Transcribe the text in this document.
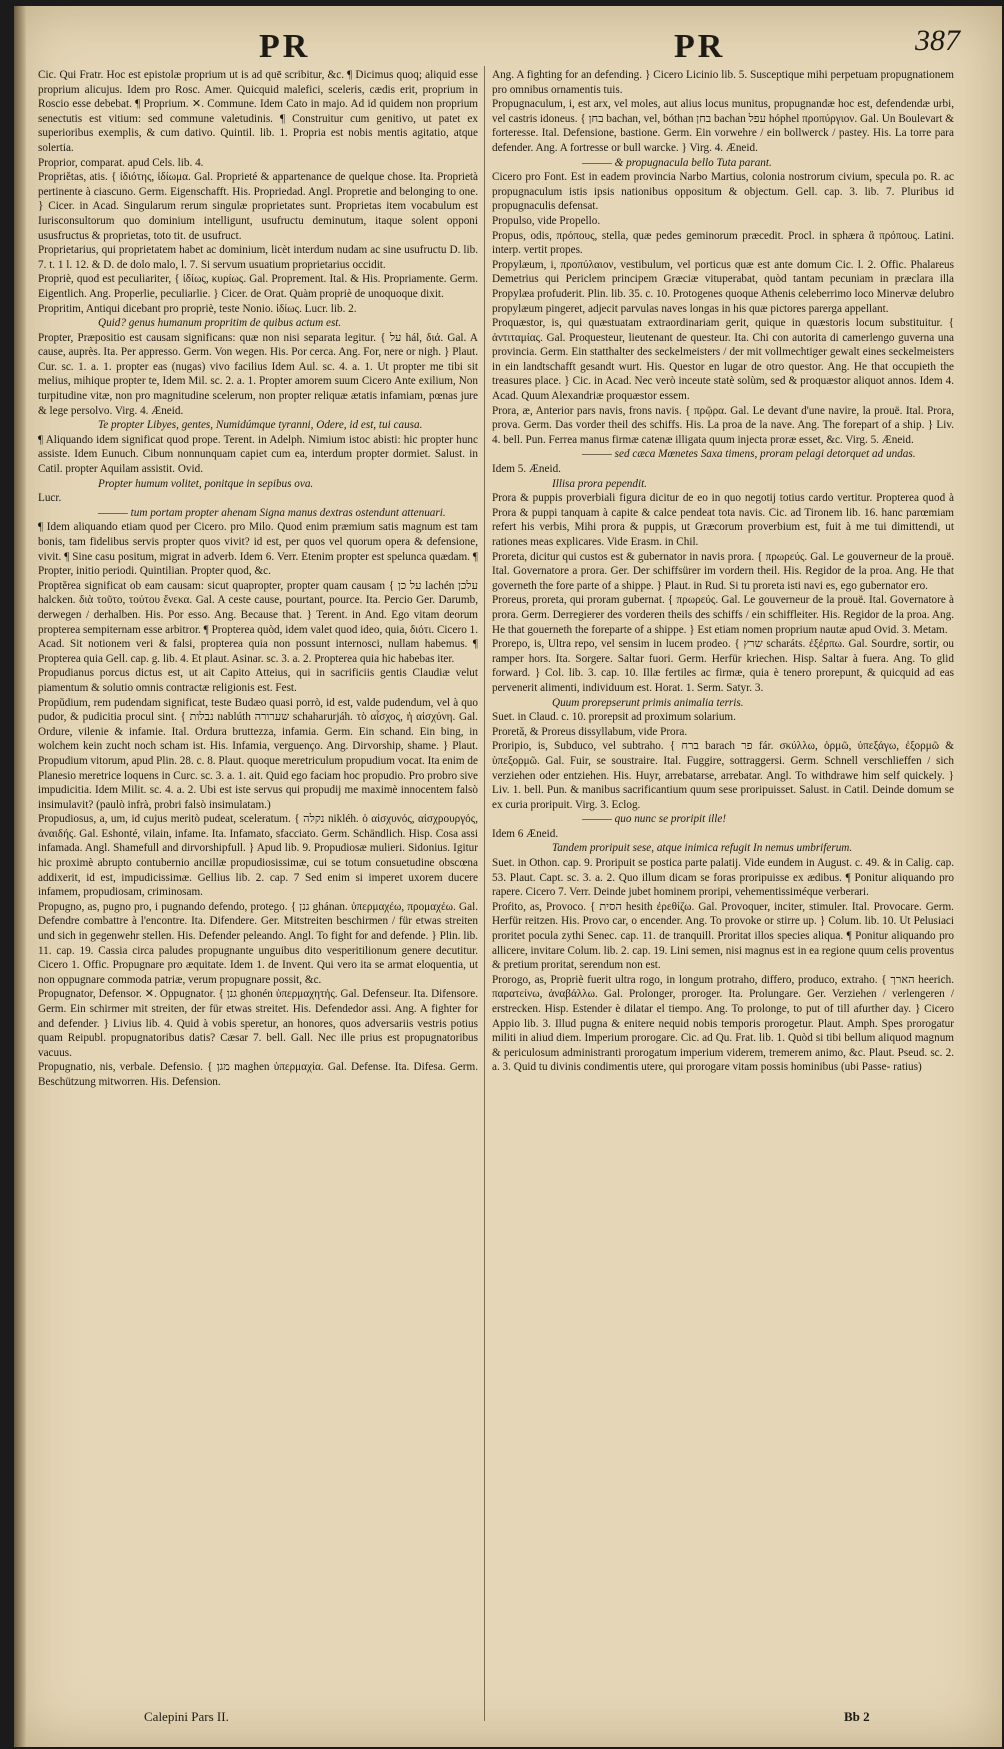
PR	PR	387

Cic. Qui Fratr. Hoc est epistolæ proprium ut is ad quē scribitur, &c. ¶ Dicimus quoq; aliquid esse proprium alicujus. Idem pro Rosc. Amer. Quicquid malefici, sceleris, cædis erit, proprium in Roscio esse debebat. ¶ Proprium. ✕. Commune. Idem Cato in majo. Ad id quidem non proprium senectutis est vitium: sed commune valetudinis. ¶ Construitur cum genitivo, ut patet ex superioribus exemplis, & cum dativo. Quintil. lib. 1. Propria est nobis mentis agitatio, atque solertia.

Proprior, comparat. apud Cels. lib. 4.

Propriĕtas, atis. { ἰδιότης, ἰδίωμα. Gal. Proprieté & appartenance de quelque chose. Ita. Proprietà pertinente à ciascuno. Germ. Eigenschafft. His. Propriedad. Angl. Propretie and belonging to one. } Cicer. in Acad. Singularum rerum singulæ proprietates sunt. Proprietas item vocabulum est Iurisconsultorum quo dominium intelligunt, usufructu deminutum, itaque solent opponi ususfructus & proprietas, toto tit. de usufruct.

Proprietarius, qui proprietatem habet ac dominium, licèt interdum nudam ac sine usufructu D. lib. 7. t. 1 l. 12. & D. de dolo malo, l. 7. Si servum usuatium proprietarius occidit.

Propriè, quod est peculiariter, { ἰδίως, κυρίως. Gal. Proprement. Ital. & His. Propriamente. Germ. Eigentlich. Ang. Properlie, peculiarlie. } Cicer. de Orat. Quàm propriè de unoquoque dixit.

Propritim, Antiqui dicebant pro propriè, teste Nonio. ἰδίως. Lucr. lib. 2.

Quid? genus humanum propritim de quibus actum est.

Propter, Præpositio est causam significans: quæ non nisi separata legitur. { על hál, διά. Gal. A cause, auprès. Ita. Per appresso. Germ. Von wegen. His. Por cerca. Ang. For, nere or nigh. } Plaut. Cur. sc. 1. a. 1. propter eas (nugas) vivo facilius Idem Aul. sc. 4. a. 1. Ut propter me tibi sit melius, mihique propter te, Idem Mil. sc. 2. a. 1. Propter amorem suum Cicero Ante exilium, Non turpitudine vitæ, non pro magnitudine scelerum, non propter reliquæ ætatis infamiam, pœnas jure & lege persolvo. Virg. 4. Æneid.

Te propter Libyes, gentes, Numidúmque tyranni, Odere, id est, tui causa.

¶ Aliquando idem significat quod prope. Terent. in Adelph. Nimium istoc abisti: hic propter hunc assiste. Idem Eunuch. Cibum nonnunquam capiet cum ea, interdum propter dormiet. Salust. in Catil. propter Aquilam assistit. Ovid.

Propter humum volitet, ponitque in sepibus ova.

Lucr.

——— tum portam propter ahenam Signa manus dextras ostendunt attenuari.

¶ Idem aliquando etiam quod per Cicero. pro Milo. Quod enim præmium satis magnum est tam bonis, tam fidelibus servis propter quos vivit? id est, per quos vel quorum opera & defensione, vivit. ¶ Sine casu positum, migrat in adverb. Idem 6. Verr. Etenim propter est spelunca quædam. ¶ Propter, initio periodi. Quintilian. Propter quod, &c.

Proptĕrea significat ob eam causam: sicut quapropter, propter quam causam { על כן lachén עלכן halcken. διὰ τοῦτο, τούτου ἕνεκα. Gal. A ceste cause, pourtant, pource. Ita. Percio Ger. Darumb, derwegen / derhalben. His. Por esso. Ang. Because that. } Terent. in And. Ego vitam deorum propterea sempiternam esse arbitror. ¶ Propterea quòd, idem valet quod ideo, quia, διότι. Cicero 1. Acad. Sit notionem veri & falsi, propterea quia non possunt internosci, nullam habemus. ¶ Propterea quia Gell. cap. g. lib. 4. Et plaut. Asinar. sc. 3. a. 2. Propterea quia hic habebas iter.

Propudianus porcus dictus est, ut ait Capito Atteius, qui in sacrificiis gentis Claudiæ velut piamentum & solutio omnis contractæ religionis est. Fest.

Propŭdium, rem pudendam significat, teste Budæo quasi porrò, id est, valde pudendum, vel à quo pudor, & pudicitia procul sint. { נבלות nablúth שערורה schaharurjáh. τὸ αἶσχος, ἡ αἰσχύνη. Gal. Ordure, vilenie & infamie. Ital. Ordura bruttezza, infamia. Germ. Ein schand. Ein bing, in wolchem kein zucht noch scham ist. His. Infamia, verguenço. Ang. Dirvorship, shame. } Plaut. Propudium vitorum, apud Plin. 28. c. 8. Plaut. quoque meretriculum propudium vocat. Ita enim de Planesio meretrice loquens in Curc. sc. 3. a. 1. ait. Quid ego faciam hoc propudio. Pro probro sive impudicitia. Idem Milit. sc. 4. a. 2. Ubi est iste servus qui propudij me maximè innocentem falsò insimulavit? (paulò infrà, probri falsò insimulatam.)

Propudiosus, a, um, id cujus meritò pudeat, sceleratum. { נקלה nikléh. ὁ αἰσχυνός, αἰσχρουργός, ἀναιδής. Gal. Eshonté, vilain, infame. Ita. Infamato, sfacciato. Germ. Schändlich. Hisp. Cosa assi infamada. Angl. Shamefull and dirvorshipfull. } Apud lib. 9. Propudiosæ mulieri. Sidonius. Igitur hic proximè abrupto contubernio ancillæ propudiosissimæ, cui se totum consuetudine obscœna addixerit, id est, impudicissimæ. Gellius lib. 2. cap. 7 Sed enim si imperet uxorem ducere infamem, propudiosam, criminosam.

Propugno, as, pugno pro, i pugnando defendo, protego. { גנן ghánan. ὑπερμαχέω, προμαχέω. Gal. Defendre combattre à l'encontre. Ita. Difendere. Ger. Mitstreiten beschirmen / für etwas streiten und sich in gegenwehr stellen. His. Defender peleando. Angl. To fight for and defende. } Plin. lib. 11. cap. 19. Cassia circa paludes propugnante unguibus dito vesperitilionum genere decutitur. Cicero 1. Offic. Propugnare pro æquitate. Idem 1. de Invent. Qui vero ita se armat eloquentia, ut non oppugnare commoda patriæ, verum propugnare possit, &c.

Propugnator, Defensor. ✕. Oppugnator. { גנן ghonén ὑπερμαχητής. Gal. Defenseur. Ita. Difensore. Germ. Ein schirmer mit streiten, der für etwas streitet. His. Defendedor assi. Ang. A fighter for and defender. } Livius lib. 4. Quid à vobis speretur, an honores, quos adversariis vestris potius quam Reipubl. propugnatoribus datis? Cæsar 7. bell. Gall. Nec ille prius est propugnatoribus vacuus.

Propugnatio, nis, verbale. Defensio. { מגן maghen ὑπερμαχία. Gal. Defense. Ita. Difesa. Germ. Beschützung mitworren. His. Defension.

Ang. A fighting for an defending. } Cicero Licinio lib. 5. Susceptique mihi perpetuam propugnationem pro omnibus ornamentis tuis.

Propugnaculum, i, est arx, vel moles, aut alius locus munitus, propugnandæ hoc est, defendendæ urbi, vel castris idoneus. { בחן bachan, vel, bóthan בחן bachan עפל hóphel προπύργιον. Gal. Un Boulevart & forteresse. Ital. Defensione, bastione. Germ. Ein vorwehre / ein bollwerck / pastey. His. La torre para defender. Ang. A fortresse or bull warcke. } Virg. 4. Æneid.

——— & propugnacula bello Tuta parant.

Cicero pro Font. Est in eadem provincia Narbo Martius, colonia nostrorum civium, specula po. R. ac propugnaculum istis ipsis nationibus oppositum & objectum. Gell. cap. 3. lib. 7. Pluribus id propugnaculis defensat.

Propulso, vide Propello.

Propus, odis, πρόπους, stella, quæ pedes geminorum præcedit. Procl. in sphæra ἃ πρόπους. Latini. interp. vertit propes.

Propylæum, i, προπύλαιον, vestibulum, vel porticus quæ est ante domum Cic. l. 2. Offic. Phalareus Demetrius qui Periclem principem Græciæ vituperabat, quòd tantam pecuniam in præclara illa Propylæa profuderit. Plin. lib. 35. c. 10. Protogenes quoque Athenis celeberrimo loco Minervæ delubro propylæum pingeret, adjecit parvulas naves longas in his quæ pictores parerga appellant.

Proquæstor, is, qui quæstuatam extraordinariam gerit, quique in quæstoris locum substituitur. { ἀντιταμίας. Gal. Proquesteur, lieutenant de questeur. Ita. Chi con autorita di camerlengo guverna una provincia. Germ. Ein statthalter des seckelmeisters / der mit vollmechtiger gewalt eines seckelmeisters in ein landtschafft gesandt wurt. His. Questor en lugar de otro questor. Ang. He that occupieth the treasures place. } Cic. in Acad. Nec verò inceute statè solùm, sed & proquæstor aliquot annos. Idem 4. Acad. Quum Alexandriæ proquæstor essem.

Prora, æ, Anterior pars navis, frons navis. { πρῷρα. Gal. Le devant d'une navire, la prouë. Ital. Prora, prova. Germ. Das vorder theil des schiffs. His. La proa de la nave. Ang. The forepart of a ship. } Liv. 4. bell. Pun. Ferrea manus firmæ catenæ illigata quum injecta proræ esset, &c. Virg. 5. Æneid.

——— sed cæca Mœnetes Saxa timens, proram pelagi detorquet ad undas.

Idem 5. Æneid.

Illisa prora pependit.

Prora & puppis proverbiali figura dicitur de eo in quo negotij totius cardo vertitur. Propterea quod à Prora & puppi tanquam à capite & calce pendeat tota navis. Cic. ad Tironem lib. 16. hanc parœmiam refert his verbis, Mihi prora & puppis, ut Græcorum proverbium est, fuit à me tui dimittendi, ut rationes meas explicares. Vide Erasm. in Chil.

Proreta, dicitur qui custos est & gubernator in navis prora. { πρωρεύς. Gal. Le gouverneur de la prouë. Ital. Governatore a prora. Ger. Der schiffsürer im vordern theil. His. Regidor de la proa. Ang. He that governeth the fore parte of a shippe. } Plaut. in Rud. Si tu proreta isti navi es, ego gubernator ero.

Proreus, proreta, qui proram gubernat. { πρωρεύς. Gal. Le gouverneur de la prouë. Ital. Governatore à prora. Germ. Derregierer des vorderen theils des schiffs / ein schiffleiter. His. Regidor de la proa. Ang. He that gouerneth the foreparte of a shippe. } Est etiam nomen proprium nautæ apud Ovid. 3. Metam.

Prorepo, is, Ultra repo, vel sensim in lucem prodeo. { שרץ scharáts. ἐξέρπω. Gal. Sourdre, sortir, ou ramper hors. Ita. Sorgere. Saltar fuori. Germ. Herfür kriechen. Hisp. Saltar à fuera. Ang. To glid forward. } Col. lib. 3. cap. 10. Illæ fertiles ac firmæ, quia è tenero prorepunt, & quicquid ad eas pervenerit alimenti, individuum est. Horat. 1. Serm. Satyr. 3.

Quum prorepserunt primis animalia terris.

Suet. in Claud. c. 10. prorepsit ad proximum solarium.

Proretă, & Proreus dissyllabum, vide Prora.

Proripio, is, Subduco, vel subtraho. { ברח barach פר fár. σκύλλω, ὁρμῶ, ὑπεξάγω, ἐξορμῶ & ὑπεξορμῶ. Gal. Fuir, se soustraire. Ital. Fuggire, sottraggersi. Germ. Schnell verschlieffen / sich verziehen oder entziehen. His. Huyr, arrebatarse, arrebatar. Angl. To withdrawe him self quickely. } Liv. 1. bell. Pun. & manibus sacrificantium quum sese proripuisset. Salust. in Catil. Deinde domum se ex curia proripuit. Virg. 3. Eclog.

——— quo nunc se proripit ille!

Idem 6 Æneid.

Tandem proripuit sese, atque inimica refugit In nemus umbriferum.

Suet. in Othon. cap. 9. Proripuit se postica parte palatij. Vide eundem in August. c. 49. & in Calig. cap. 53. Plaut. Capt. sc. 3. a. 2. Quo illum dicam se foras proripuisse ex ædibus. ¶ Ponitur aliquando pro rapere. Cicero 7. Verr. Deinde jubet hominem proripi, vehementissiméque verberari.

Proŕito, as, Provoco. { הסית hesith ἐρεθίζω. Gal. Provoquer, inciter, stimuler. Ital. Provocare. Germ. Herfür reitzen. His. Provo car, o encender. Ang. To provoke or stirre up. } Colum. lib. 10. Ut Pelusiaci proritet pocula zythi Senec. cap. 11. de tranquill. Proritat illos species aliqua. ¶ Ponitur aliquando pro allicere, invitare Colum. lib. 2. cap. 19. Lini semen, nisi magnus est in ea regione quum celis proventus & pretium proritat, serendum non est.

Prorogo, as, Propriè fuerit ultra rogo, in longum protraho, differo, produco, extraho. { הארך heerich. παρατείνω, ἀναβάλλω. Gal. Prolonger, proroger. Ita. Prolungare. Ger. Verziehen / verlengeren / erstrecken. Hisp. Estender è dilatar el tiempo. Ang. To prolonge, to put of till afurther day. } Cicero Appio lib. 3. Illud pugna & enitere nequid nobis temporis prorogetur. Plaut. Amph. Spes prorogatur militi in aliud diem. Imperium prorogare. Cic. ad Qu. Frat. lib. 1. Quòd si tibi bellum aliquod magnum & periculosum administranti prorogatum imperium viderem, tremerem animo, &c. Plaut. Pseud. sc. 2. a. 3. Quid tu divinis condimentis utere, qui prorogare vitam possis hominibus (ubi Passe- ratius)

Calepini Pars II.	Bb 2
